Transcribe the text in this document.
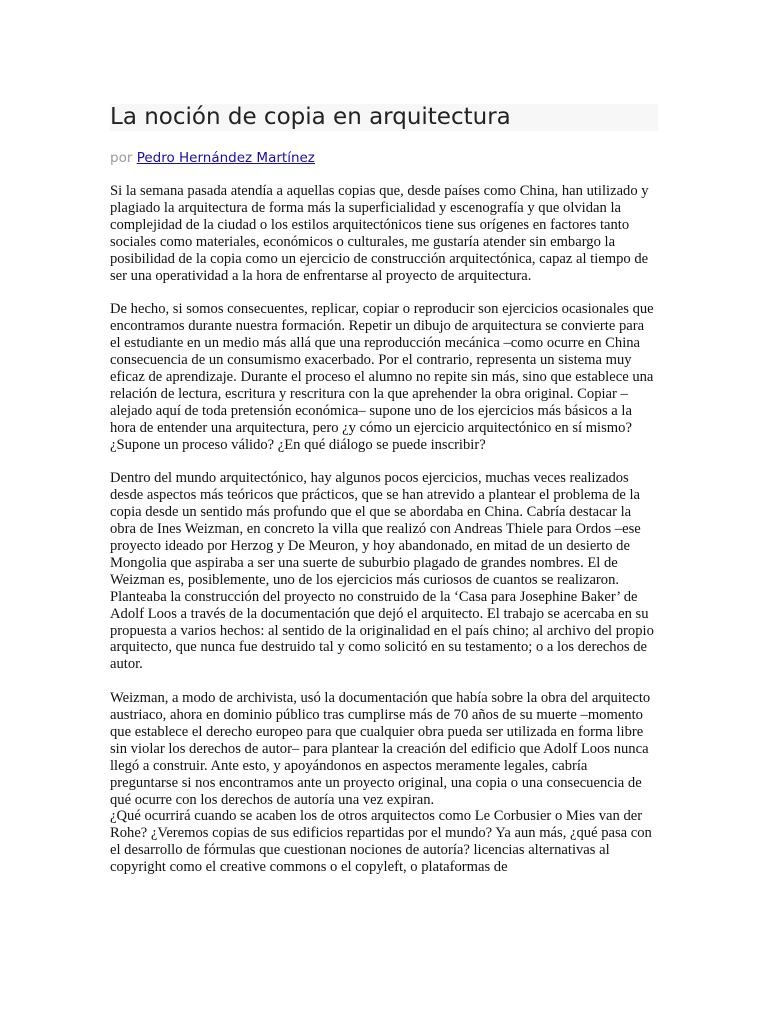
La noción de copia en arquitectura
por Pedro Hernández Martínez

Si la semana pasada atendía a aquellas copias que, desde países como China, han utilizado y plagiado la arquitectura de forma más la superficialidad y escenografía y que olvidan la complejidad de la ciudad o los estilos arquitectónicos tiene sus orígenes en factores tanto sociales como materiales, económicos o culturales, me gustaría atender sin embargo la posibilidad de la copia como un ejercicio de construcción arquitectónica, capaz al tiempo de ser una operatividad a la hora de enfrentarse al proyecto de arquitectura.

De hecho, si somos consecuentes, replicar, copiar o reproducir son ejercicios ocasionales que encontramos durante nuestra formación. Repetir un dibujo de arquitectura se convierte para el estudiante en un medio más allá que una reproducción mecánica –como ocurre en China consecuencia de un consumismo exacerbado. Por el contrario, representa un sistema muy eficaz de aprendizaje. Durante el proceso el alumno no repite sin más, sino que establece una relación de lectura, escritura y rescritura con la que aprehender la obra original. Copiar –alejado aquí de toda pretensión económica– supone uno de los ejercicios más básicos a la hora de entender una arquitectura, pero ¿y cómo un ejercicio arquitectónico en sí mismo? ¿Supone un proceso válido? ¿En qué diálogo se puede inscribir?

Dentro del mundo arquitectónico, hay algunos pocos ejercicios, muchas veces realizados desde aspectos más teóricos que prácticos, que se han atrevido a plantear el problema de la copia desde un sentido más profundo que el que se abordaba en China. Cabría destacar la obra de Ines Weizman, en concreto la villa que realizó con Andreas Thiele para Ordos –ese proyecto ideado por Herzog y De Meuron, y hoy abandonado, en mitad de un desierto de Mongolia que aspiraba a ser una suerte de suburbio plagado de grandes nombres. El de Weizman es, posiblemente, uno de los ejercicios más curiosos de cuantos se realizaron. Planteaba la construcción del proyecto no construido de la ‘Casa para Josephine Baker’ de Adolf Loos a través de la documentación que dejó el arquitecto. El trabajo se acercaba en su propuesta a varios hechos: al sentido de la originalidad en el país chino; al archivo del propio arquitecto, que nunca fue destruido tal y como solicitó en su testamento; o a los derechos de autor.

Weizman, a modo de archivista, usó la documentación que había sobre la obra del arquitecto austriaco, ahora en dominio público tras cumplirse más de 70 años de su muerte –momento que establece el derecho europeo para que cualquier obra pueda ser utilizada en forma libre sin violar los derechos de autor– para plantear la creación del edificio que Adolf Loos nunca llegó a construir. Ante esto, y apoyándonos en aspectos meramente legales, cabría preguntarse si nos encontramos ante un proyecto original, una copia o una consecuencia de qué ocurre con los derechos de autoría una vez expiran.

¿Qué ocurrirá cuando se acaben los de otros arquitectos como Le Corbusier o Mies van der Rohe? ¿Veremos copias de sus edificios repartidas por el mundo? Ya aun más, ¿qué pasa con el desarrollo de fórmulas que cuestionan nociones de autoría? licencias alternativas al copyright como el creative commons o el copyleft, o plataformas de
